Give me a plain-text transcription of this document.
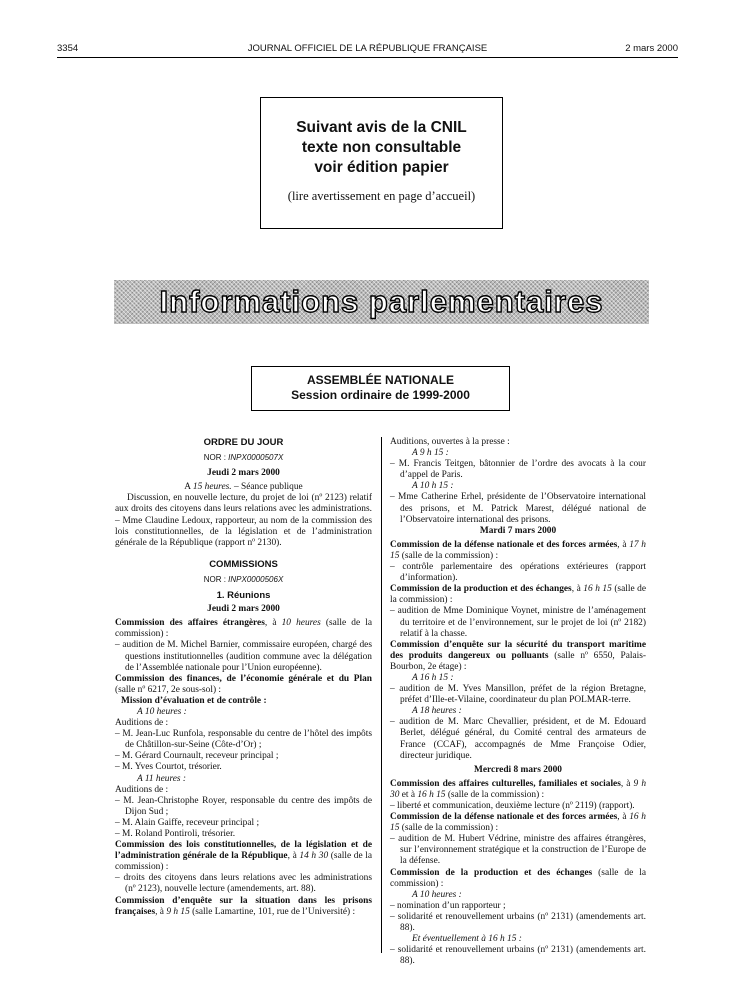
3354	JOURNAL OFFICIEL DE LA RÉPUBLIQUE FRANÇAISE	2 mars 2000
Suivant avis de la CNIL
texte non consultable
voir édition papier
(lire avertissement en page d’accueil)
Informations parlementaires
ASSEMBLÉE NATIONALE
Session ordinaire de 1999-2000
ORDRE DU JOUR
NOR : INPX0000507X
Jeudi 2 mars 2000
A 15 heures. – Séance publique
Discussion, en nouvelle lecture, du projet de loi (nº 2123) relatif aux droits des citoyens dans leurs relations avec les administrations. – Mme Claudine Ledoux, rapporteur, au nom de la commission des lois constitutionnelles, de la législation et de l’administration générale de la République (rapport nº 2130).
COMMISSIONS
NOR : INPX0000506X
1. Réunions
Jeudi 2 mars 2000
Commission des affaires étrangères, à 10 heures (salle de la commission) :
– audition de M. Michel Barnier, commissaire européen, chargé des questions institutionnelles (audition commune avec la délégation de l’Assemblée nationale pour l’Union européenne).
Commission des finances, de l’économie générale et du Plan (salle nº 6217, 2e sous-sol) :
Mission d’évaluation et de contrôle :
A 10 heures :
Auditions de :
– M. Jean-Luc Runfola, responsable du centre de l’hôtel des impôts de Châtillon-sur-Seine (Côte-d’Or) ;
– M. Gérard Cournault, receveur principal ;
– M. Yves Courtot, trésorier.
A 11 heures :
Auditions de :
– M. Jean-Christophe Royer, responsable du centre des impôts de Dijon Sud ;
– M. Alain Gaiffe, receveur principal ;
– M. Roland Pontiroli, trésorier.
Commission des lois constitutionnelles, de la législation et de l’administration générale de la République, à 14 h 30 (salle de la commission) :
– droits des citoyens dans leurs relations avec les administrations (nº 2123), nouvelle lecture (amendements, art. 88).
Commission d’enquête sur la situation dans les prisons françaises, à 9 h 15 (salle Lamartine, 101, rue de l’Université) :
Auditions, ouvertes à la presse :
A 9 h 15 :
– M. Francis Teitgen, bâtonnier de l’ordre des avocats à la cour d’appel de Paris.
A 10 h 15 :
– Mme Catherine Erhel, présidente de l’Observatoire international des prisons, et M. Patrick Marest, délégué national de l’Observatoire international des prisons.
Mardi 7 mars 2000
Commission de la défense nationale et des forces armées, à 17 h 15 (salle de la commission) :
– contrôle parlementaire des opérations extérieures (rapport d’information).
Commission de la production et des échanges, à 16 h 15 (salle de la commission) :
– audition de Mme Dominique Voynet, ministre de l’aménagement du territoire et de l’environnement, sur le projet de loi (nº 2182) relatif à la chasse.
Commission d’enquête sur la sécurité du transport maritime des produits dangereux ou polluants (salle nº 6550, Palais-Bourbon, 2e étage) :
A 16 h 15 :
– audition de M. Yves Mansillon, préfet de la région Bretagne, préfet d’Ille-et-Vilaine, coordinateur du plan POLMAR-terre.
A 18 heures :
– audition de M. Marc Chevallier, président, et de M. Edouard Berlet, délégué général, du Comité central des armateurs de France (CCAF), accompagnés de Mme Françoise Odier, directeur juridique.
Mercredi 8 mars 2000
Commission des affaires culturelles, familiales et sociales, à 9 h 30 et à 16 h 15 (salle de la commission) :
– liberté et communication, deuxième lecture (nº 2119) (rapport).
Commission de la défense nationale et des forces armées, à 16 h 15 (salle de la commission) :
– audition de M. Hubert Védrine, ministre des affaires étrangères, sur l’environnement stratégique et la construction de l’Europe de la défense.
Commission de la production et des échanges (salle de la commission) :
A 10 heures :
– nomination d’un rapporteur ;
– solidarité et renouvellement urbains (nº 2131) (amendements art. 88).
Et éventuellement à 16 h 15 :
– solidarité et renouvellement urbains (nº 2131) (amendements art. 88).
